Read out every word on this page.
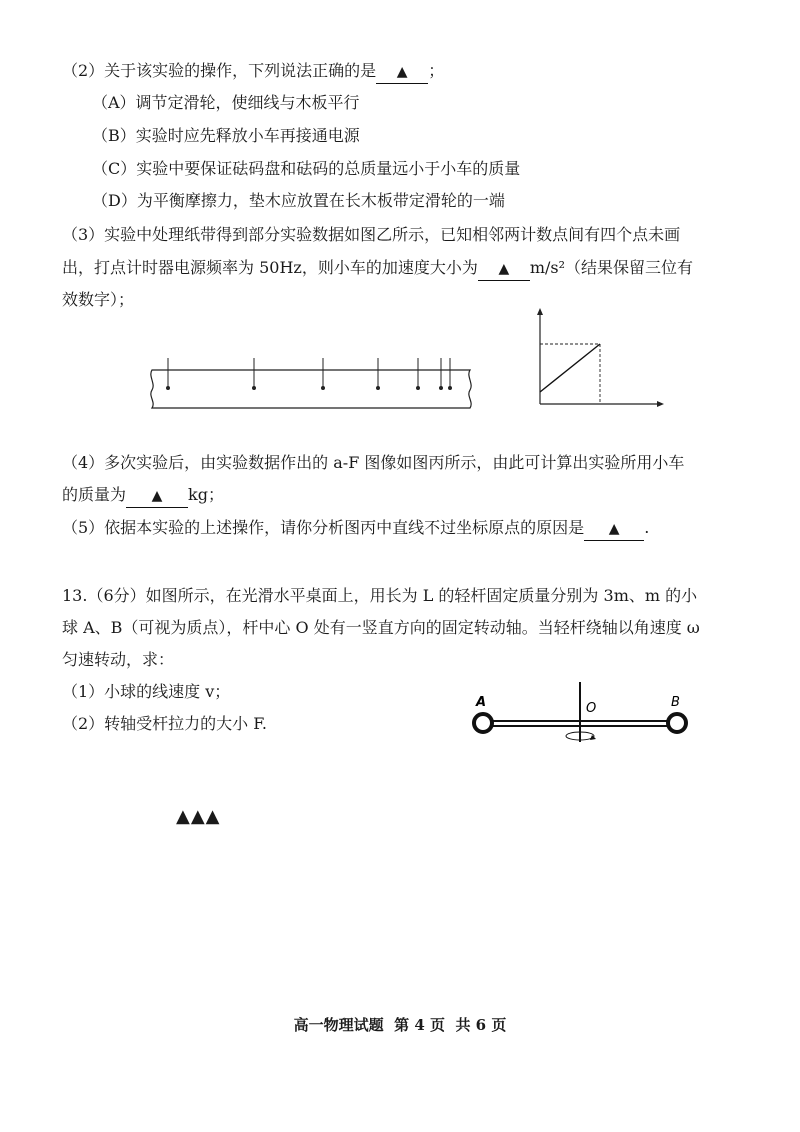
（2）关于该实验的操作，下列说法正确的是 ▲ ；
（A）调节定滑轮，使细线与木板平行
（B）实验时应先释放小车再接通电源
（C）实验中要保证砝码盘和砝码的总质量远小于小车的质量
（D）为平衡摩擦力，垫木应放置在长木板带定滑轮的一端
（3）实验中处理纸带得到部分实验数据如图乙所示，已知相邻两计数点间有四个点未画
出，打点计时器电源频率为 50Hz，则小车的加速度大小为 ▲ m/s²（结果保留三位有
效数字）；
（4）多次实验后，由实验数据作出的 a-F 图像如图丙所示，由此可计算出实验所用小车
的质量为 ▲ kg；
（5）依据本实验的上述操作，请你分析图丙中直线不过坐标原点的原因是 ▲ .
13.（6分）如图所示，在光滑水平桌面上，用长为 L 的轻杆固定质量分别为 3m、m 的小
球 A、B（可视为质点），杆中心 O 处有一竖直方向的固定转动轴。当轻杆绕轴以角速度 ω
匀速转动，求：
（1）小球的线速度 v；
（2）转轴受杆拉力的大小 F.
A	O	B
▲▲▲
高一物理试题  第 4 页  共 6 页
